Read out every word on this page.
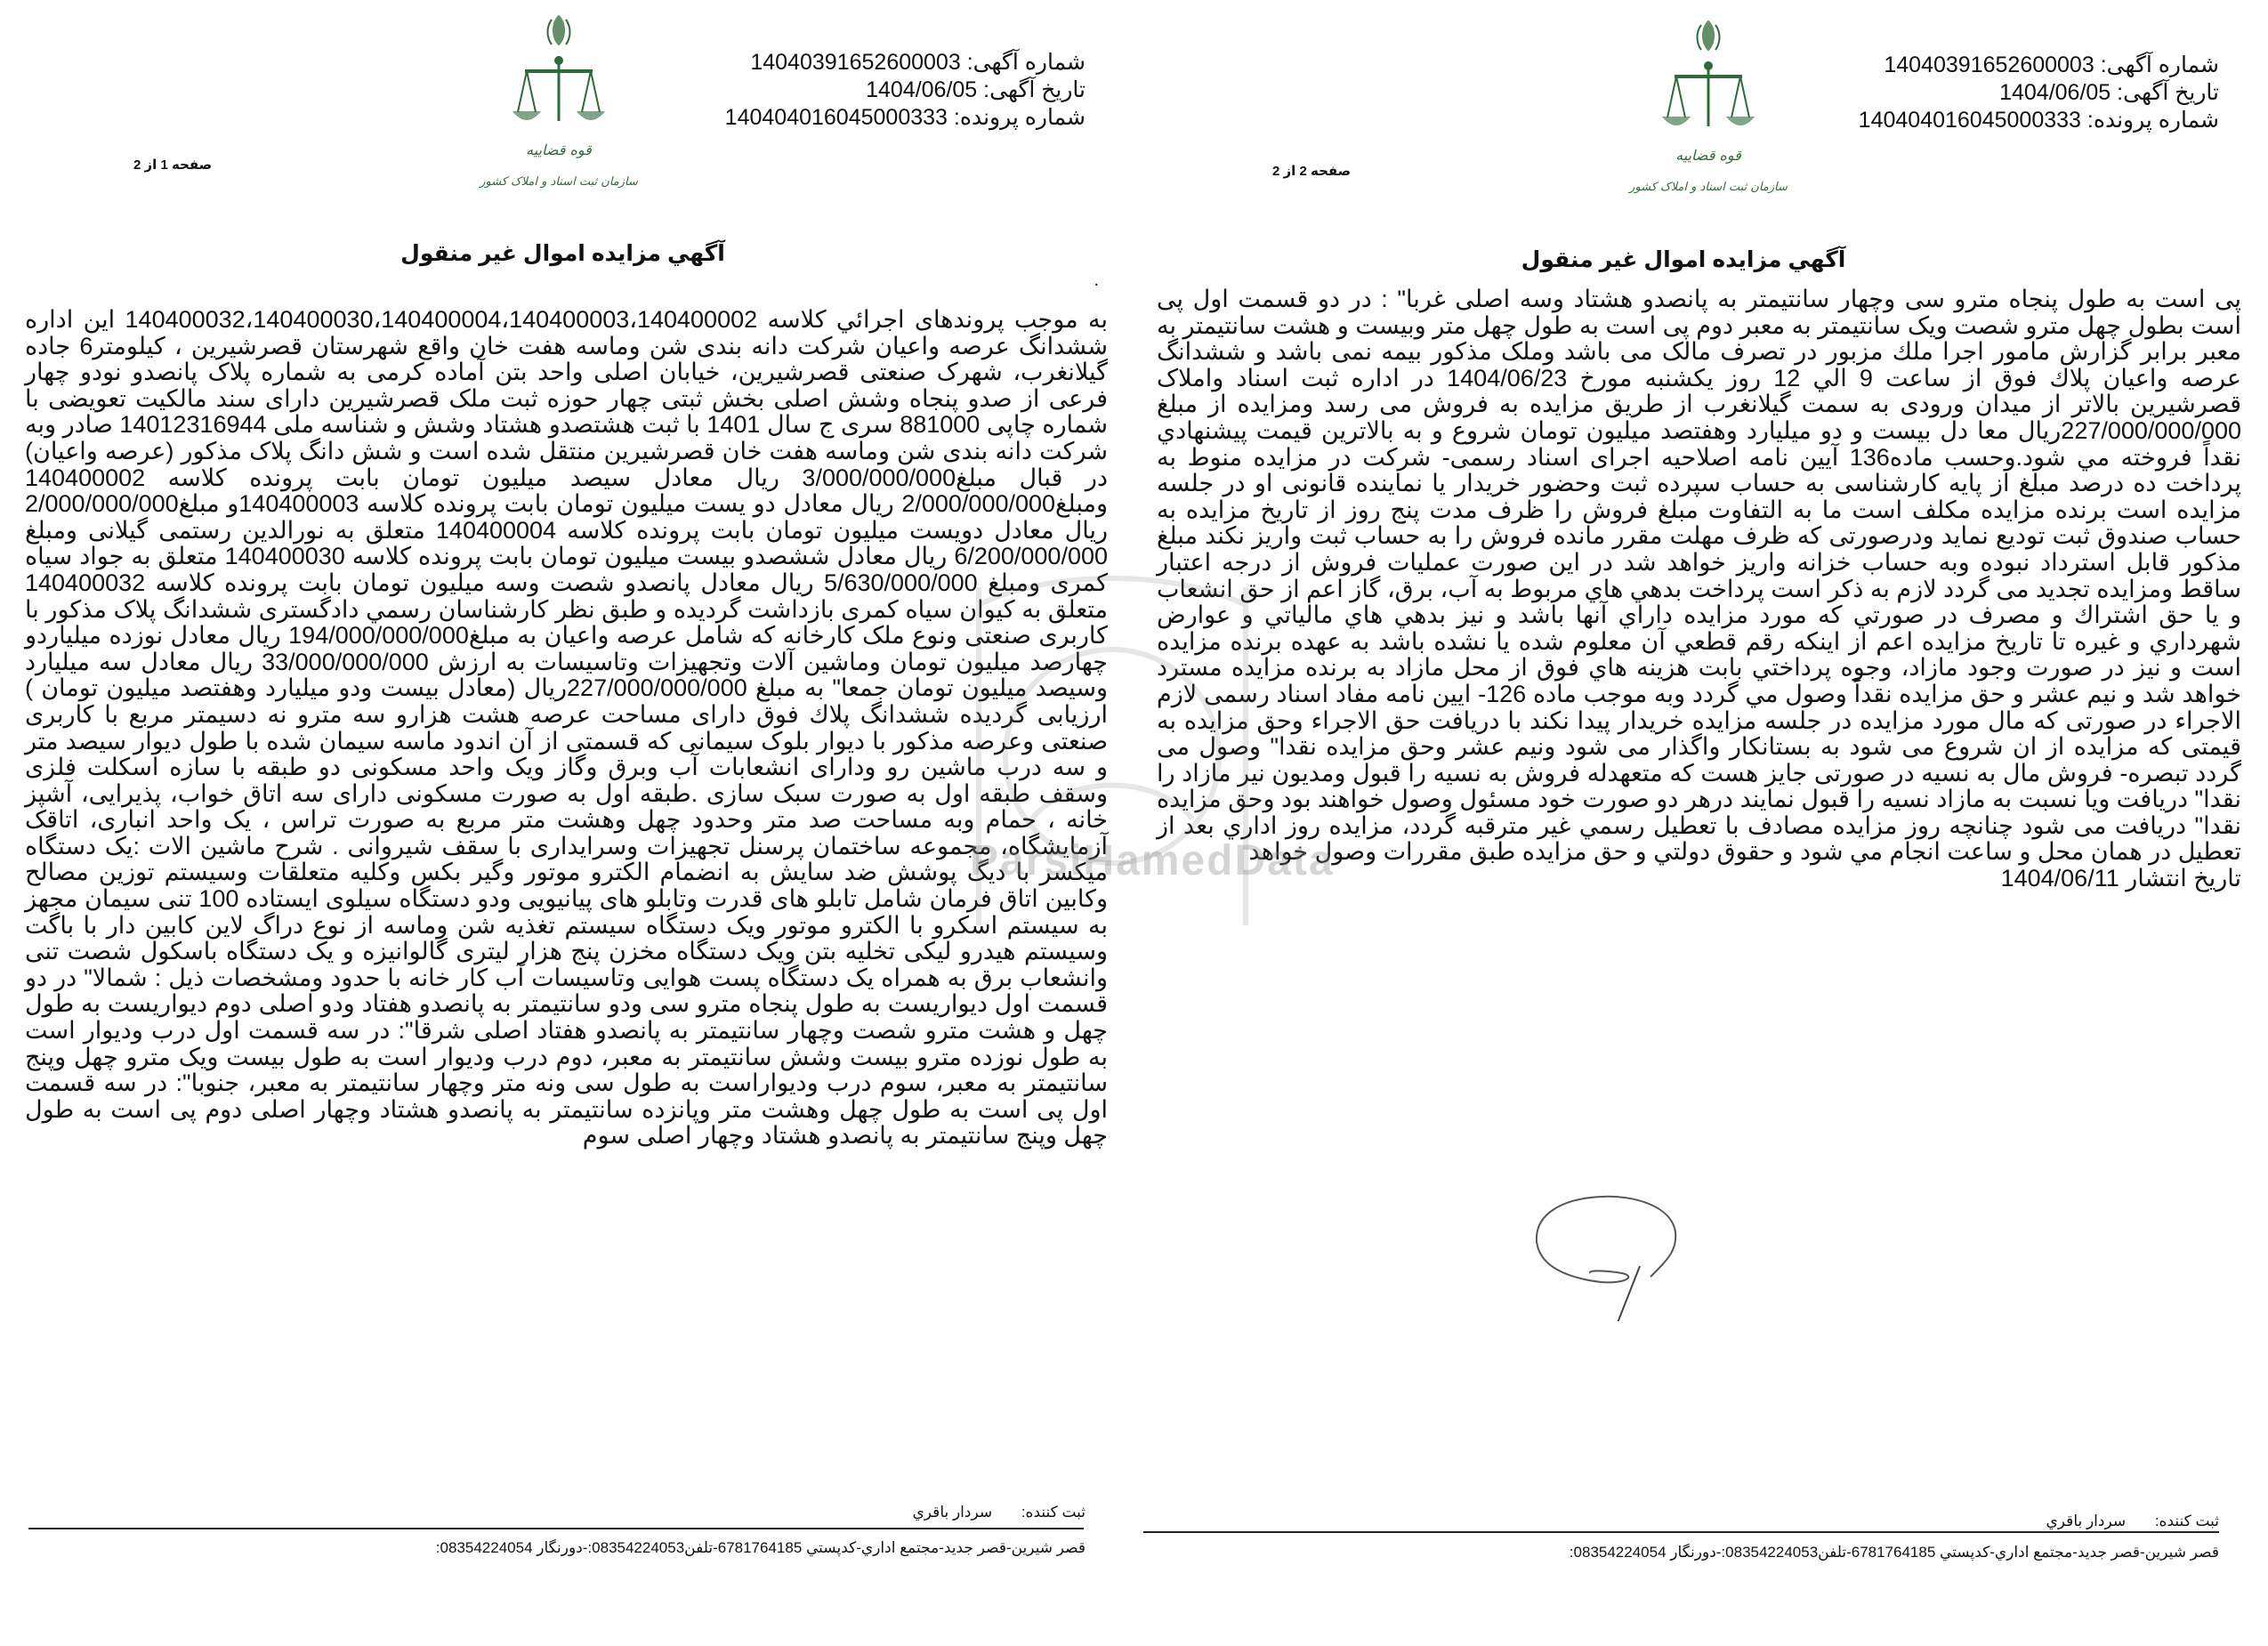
شماره آگهی: 14040391652600003
تاریخ آگهی: 1404/06/05
شماره پرونده: 140404016045000333
قوه قضاییه
سازمان ثبت اسناد و املاک کشور
صفحه 1 از 2
آگهي مزايده اموال غير منقول
.
به موجب پروندهای اجرائي کلاسه 140400032،140400030،140400004،140400003،140400002 این اداره ششدانگ عرصه واعیان شرکت دانه بندی شن وماسه هفت خان واقع شهرستان قصرشیرین ، کیلومتر6 جاده گیلانغرب، شهرک صنعتی قصرشیرین، خیابان اصلی واحد بتن آماده کرمی به شماره پلاک پانصدو نودو چهار فرعی از صدو پنجاه وشش اصلی بخش ثبتی چهار حوزه ثبت ملک قصرشیرین دارای سند مالکیت تعویضی با شماره چاپی 881000 سری ج سال 1401 با ثبت هشتصدو هشتاد وشش و شناسه ملی 14012316944 صادر وبه شرکت دانه بندی شن وماسه هفت خان قصرشیرین منتقل شده است و شش دانگ پلاک مذکور (عرصه واعیان) در قبال مبلغ3/000/000/000 ریال معادل سیصد میلیون تومان بابت پرونده کلاسه 140400002 ومبلغ2/000/000/000 ریال معادل دو یست میلیون تومان بابت پرونده کلاسه 140400003و مبلغ2/000/000/000 ریال معادل دویست میلیون تومان بابت پرونده کلاسه 140400004 متعلق به نورالدین رستمی گیلانی ومبلغ 6/200/000/000 ریال معادل ششصدو بیست میلیون تومان بابت پرونده کلاسه 140400030 متعلق به جواد سیاه کمری ومبلغ 5/630/000/000 ریال معادل پانصدو شصت وسه میلیون تومان بابت پرونده کلاسه 140400032 متعلق به کیوان سیاه کمری بازداشت گردیده و طبق نظر کارشناسان رسمي دادگستری ششدانگ پلاک مذکور با کاربری صنعتی ونوع ملک کارخانه که شامل عرصه واعیان به مبلغ194/000/000/000 ریال معادل نوزده میلیاردو چهارصد میلیون تومان وماشین آلات وتجهیزات وتاسیسات به ارزش 33/000/000/000 ریال معادل سه میلیارد وسیصد میلیون تومان جمعا" به مبلغ 227/000/000/000ریال (معادل بیست ودو میلیارد وهفتصد میلیون تومان ) ارزیابی گردیده ششدانگ پلاك فوق دارای مساحت عرصه هشت هزارو سه مترو نه دسیمتر مربع با کاربری صنعتی وعرصه مذکور با دیوار بلوک سیمانی که قسمتی از آن اندود ماسه سیمان شده با طول دیوار سیصد متر و سه درب ماشین رو ودارای انشعابات آب وبرق وگاز ویک واحد مسکونی دو طبقه با سازه اسکلت فلزی وسقف طبقه اول به صورت سبک سازی .طبقه اول به صورت مسکونی دارای سه اتاق خواب، پذیرایی، آشپز خانه ، حمام وبه مساحت صد متر وحدود چهل وهشت متر مربع به صورت تراس ، یک واحد انباری، اتاقک آزمایشگاه، مجموعه ساختمان پرسنل تجهیزات وسرایداری با سقف شیروانی . شرح ماشین الات :یک دستگاه میکسر با دیگ پوشش ضد سایش به انضمام الکترو موتور وگیر بکس وکلیه متعلقات وسیستم توزین مصالح وکابین اتاق فرمان شامل تابلو های قدرت وتابلو های پیانیویی ودو دستگاه سیلوی ایستاده 100 تنی سیمان مجهز به سیستم اسکرو با الکترو موتور ویک دستگاه سیستم تغذیه شن وماسه از نوع دراگ لاین کابین دار با باگت وسیستم هیدرو لیکی تخلیه بتن ویک دستگاه مخزن پنج هزار لیتری گالوانیزه و یک دستگاه باسکول شصت تنی وانشعاب برق به همراه یک دستگاه پست هوایی وتاسیسات آب کار خانه با حدود ومشخصات ذیل : شمالا" در دو قسمت اول دیواریست به طول پنجاه مترو سی ودو سانتیمتر به پانصدو هفتاد ودو اصلی دوم دیواریست به طول چهل و هشت مترو شصت وچهار سانتیمتر به پانصدو هفتاد اصلی شرقا": در سه قسمت اول درب ودیوار است به طول نوزده مترو بیست وشش سانتیمتر به معبر، دوم درب ودیوار است به طول بیست ویک مترو چهل وپنج سانتیمتر به معبر، سوم درب ودیواراست به طول سی ونه متر وچهار سانتیمتر به معبر، جنوبا": در سه قسمت اول پی است به طول چهل وهشت متر وپانزده سانتیمتر به پانصدو هشتاد وچهار اصلی دوم پی است به طول چهل وپنج سانتیمتر به پانصدو هشتاد وچهار اصلی سوم
ثبت کننده: سردار باقري
قصر شيرين-قصر جديد-مجتمع اداري-کدپستي 6781764185-تلفن08354224053:-دورنگار 08354224054:
شماره آگهی: 14040391652600003
تاریخ آگهی: 1404/06/05
شماره پرونده: 140404016045000333
قوه قضاییه
سازمان ثبت اسناد و املاک کشور
صفحه 2 از 2
آگهي مزايده اموال غير منقول
پی است به طول پنجاه مترو سی وچهار سانتیمتر به پانصدو هشتاد وسه اصلی غربا" : در دو قسمت اول پی است بطول چهل مترو شصت ویک سانتیمتر به معبر دوم پی است به طول چهل متر وبیست و هشت سانتیمتر به معبر برابر گزارش مامور اجرا ملك مزبور در تصرف مالک می باشد وملک مذکور بیمه نمی باشد و ششدانگ عرصه واعیان پلاك فوق از ساعت 9 الي 12 روز یکشنبه مورخ 1404/06/23 در اداره ثبت اسناد واملاک قصرشیرین بالاتر از میدان ورودی به سمت گیلانغرب از طریق مزایده به فروش می رسد ومزایده از مبلغ 227/000/000/000ریال معا دل بیست و دو میلیارد وهفتصد میلیون تومان شروع و به بالاترين قيمت پيشنهادي نقداً فروخته مي شود.وحسب ماده136 آيين نامه اصلاحيه اجرای اسناد رسمی- شرکت در مزایده منوط به پرداخت ده درصد مبلغ از پایه کارشناسی به حساب سپرده ثبت وحضور خریدار یا نماینده قانونی او در جلسه مزایده است برنده مزایده مکلف است ما به التفاوت مبلغ فروش را ظرف مدت پنج روز از تاریخ مزایده به حساب صندوق ثبت تودیع نماید ودرصورتی که ظرف مهلت مقرر مانده فروش را به حساب ثبت واریز نکند مبلغ مذکور قابل استرداد نبوده وبه حساب خزانه واریز خواهد شد در این صورت عملیات فروش از درجه اعتبار ساقط ومزایده تجدید می گردد لازم به ذکر است پرداخت بدهي هاي مربوط به آب، برق، گاز اعم از حق انشعاب و يا حق اشتراك و مصرف در صورتي كه مورد مزايده داراي آنها باشد و نيز بدهي هاي مالياتي و عوارض شهرداري و غيره تا تاريخ مزايده اعم از اينكه رقم قطعي آن معلوم شده يا نشده باشد به عهده برنده مزايده است و نيز در صورت وجود مازاد، وجوه پرداختي بابت هزينه هاي فوق از محل مازاد به برنده مزايده مسترد خواهد شد و نيم عشر و حق مزايده نقداً وصول مي گردد وبه موجب ماده 126- ايين نامه مفاد اسناد رسمی لازم الاجراء در صورتی که مال مورد مزایده در جلسه مزایده خریدار پیدا نکند با دریافت حق الاجراء وحق مزایده به قیمتی که مزایده از ان شروع می شود به بستانکار واگذار می شود ونیم عشر وحق مزایده نقدا" وصول می گردد تبصره- فروش مال به نسیه در صورتی جایز هست که متعهدله فروش به نسیه را قبول ومدیون نیر مازاد را نقدا" دریافت ویا نسبت به مازاد نسیه را قبول نمایند درهر دو صورت خود مسئول وصول خواهند بود وحق مزایده نقدا" دریافت می شود چنانچه روز مزایده مصادف با تعطيل رسمي غير مترقبه گردد، مزايده روز اداري بعد از تعطيل در همان محل و ساعت انجام مي شود و حقوق دولتي و حق مزايده طبق مقررات وصول خواهد
تاریخ انتشار 1404/06/11
ثبت کننده: سردار باقري
قصر شيرين-قصر جديد-مجتمع اداري-کدپستي 6781764185-تلفن08354224053:-دورنگار 08354224054:
ParsiHamedData
